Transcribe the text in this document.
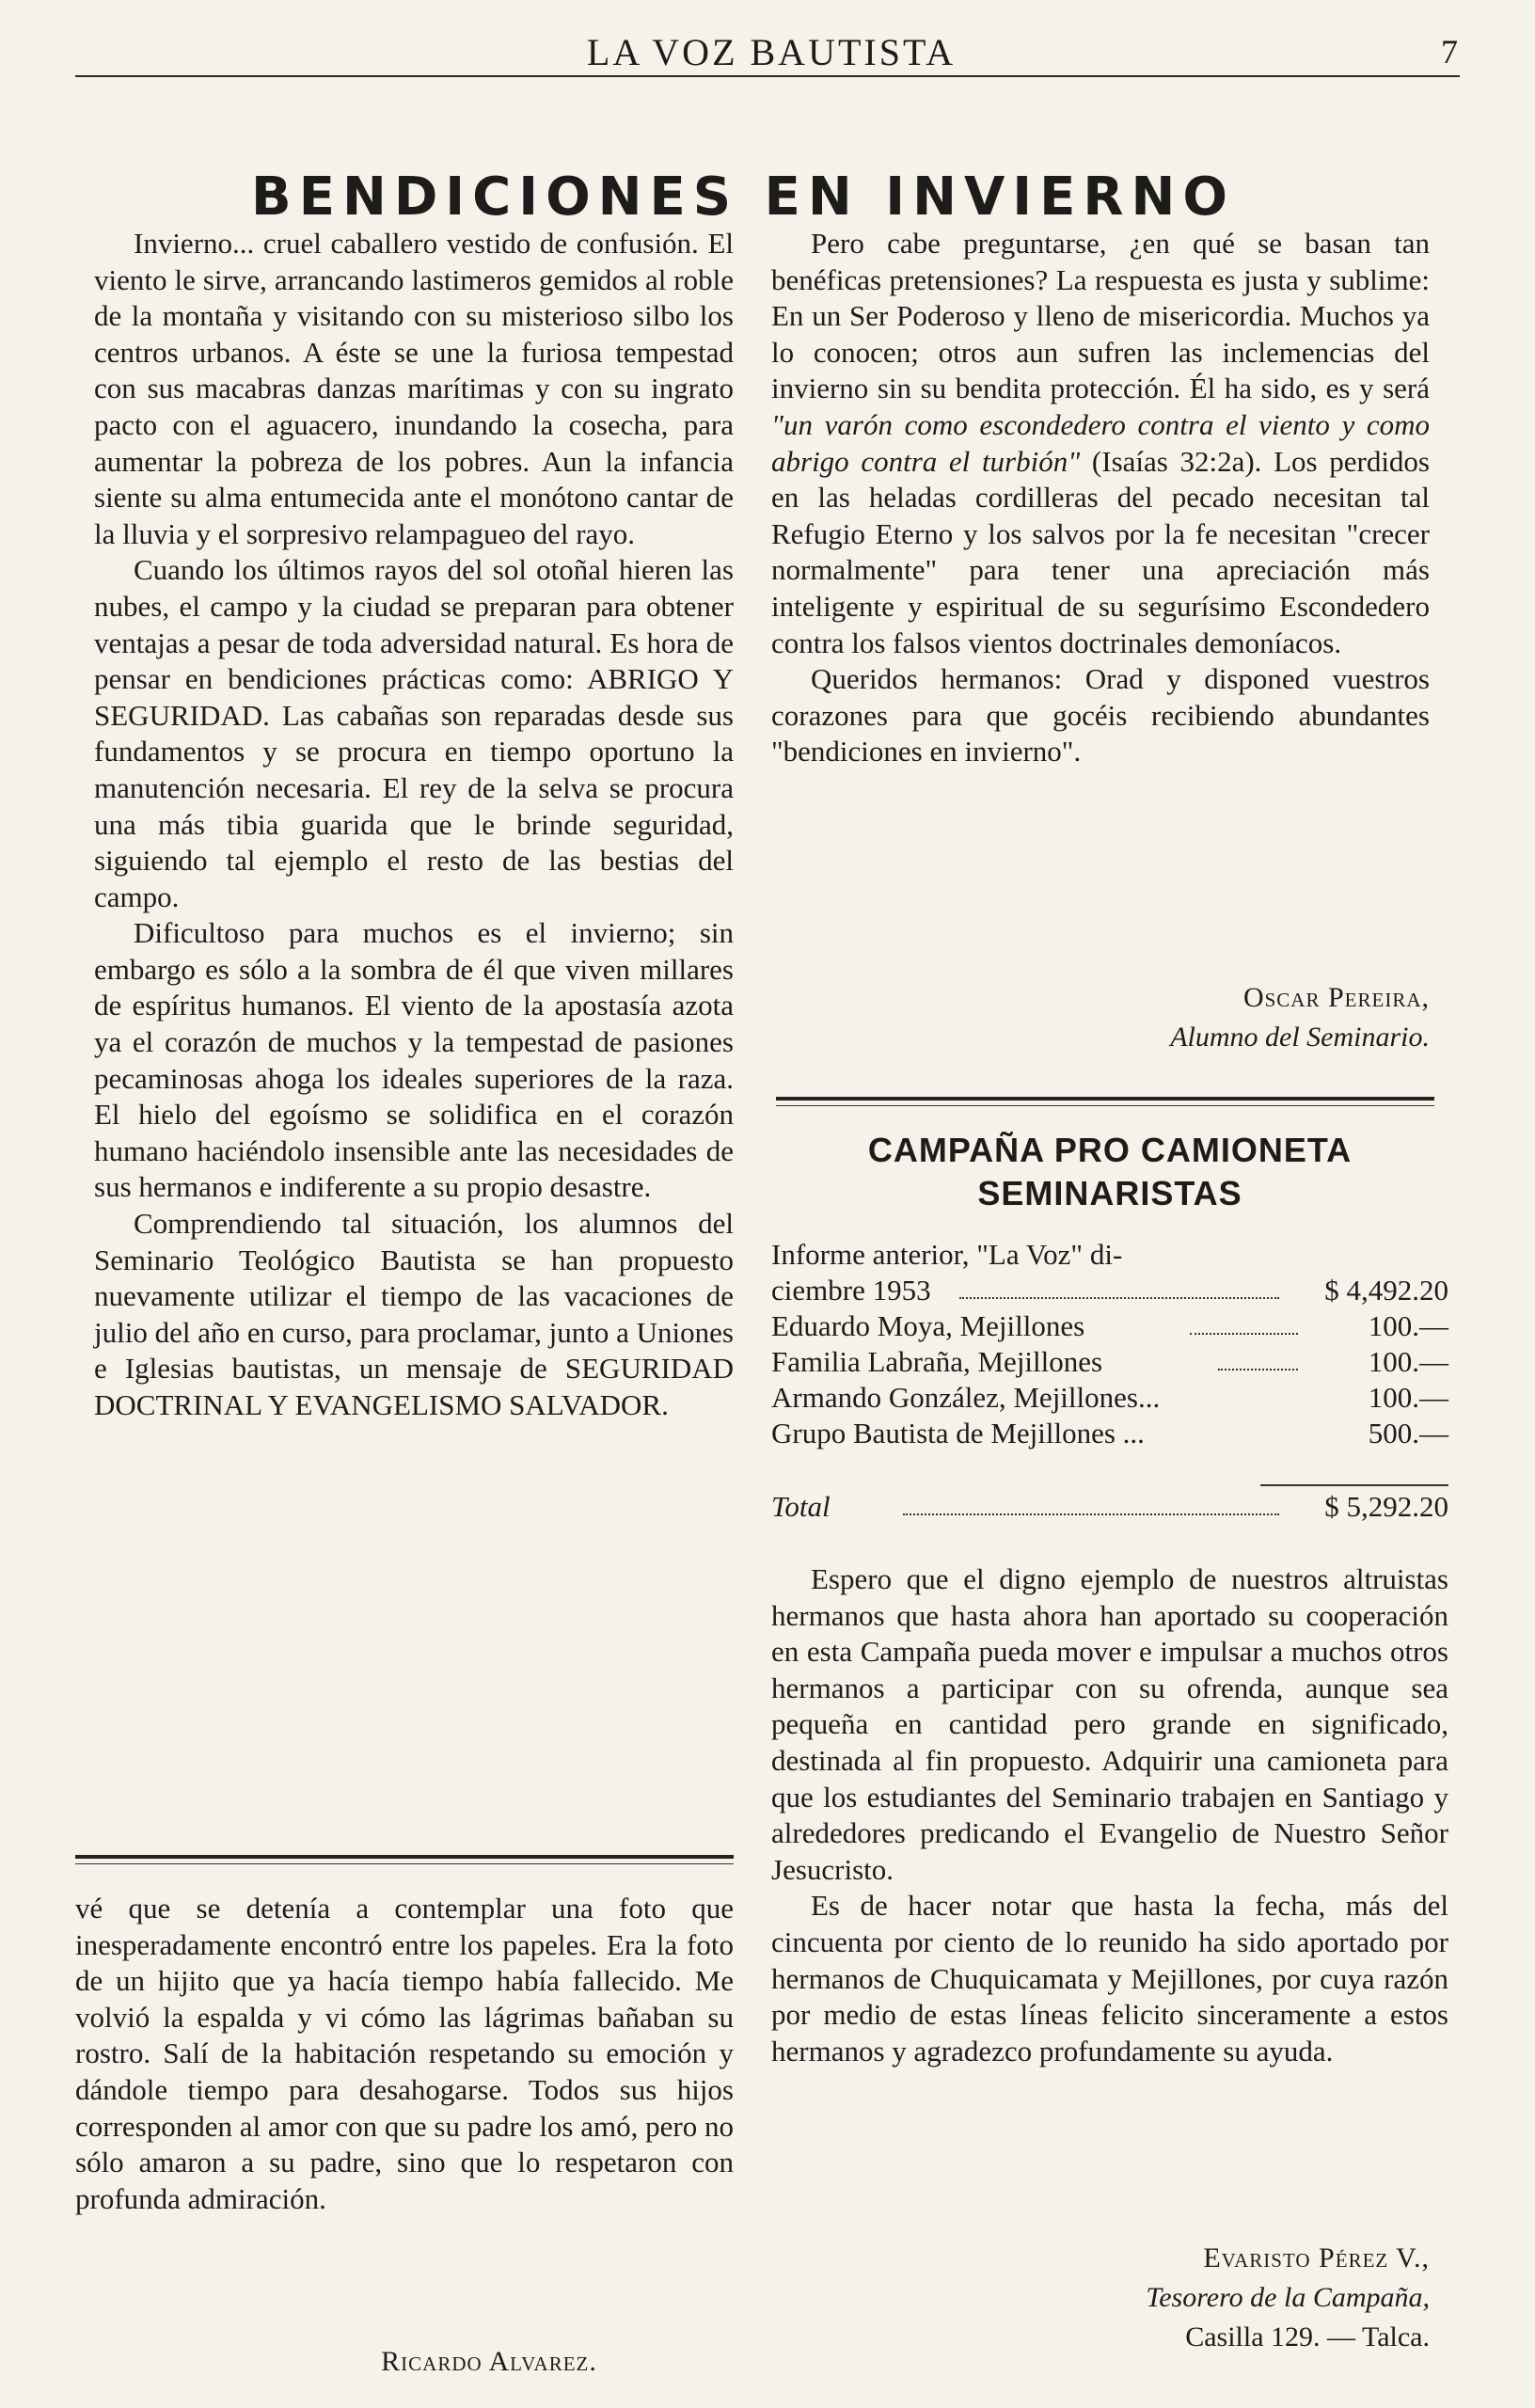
LA VOZ BAUTISTA	7
BENDICIONES EN INVIERNO

Invierno... cruel caballero vestido de confusión. El viento le sirve, arrancando lastimeros gemidos al roble de la montaña y visitando con su misterioso silbo los centros urbanos. A éste se une la furiosa tempestad con sus macabras danzas marítimas y con su ingrato pacto con el aguacero, inundando la cosecha, para aumentar la pobreza de los pobres. Aun la infancia siente su alma entumecida ante el monótono cantar de la lluvia y el sorpresivo relampagueo del rayo.

Cuando los últimos rayos del sol otoñal hieren las nubes, el campo y la ciudad se preparan para obtener ventajas a pesar de toda adversidad natural. Es hora de pensar en bendiciones prácticas como: ABRIGO Y SEGURIDAD. Las cabañas son reparadas desde sus fundamentos y se procura en tiempo oportuno la manutención necesaria. El rey de la selva se procura una más tibia guarida que le brinde seguridad, siguiendo tal ejemplo el resto de las bestias del campo.

Dificultoso para muchos es el invierno; sin embargo es sólo a la sombra de él que viven millares de espíritus humanos. El viento de la apostasía azota ya el corazón de muchos y la tempestad de pasiones pecaminosas ahoga los ideales superiores de la raza. El hielo del egoísmo se solidifica en el corazón humano haciéndolo insensible ante las necesidades de sus hermanos e indiferente a su propio desastre.

Comprendiendo tal situación, los alumnos del Seminario Teológico Bautista se han propuesto nuevamente utilizar el tiempo de las vacaciones de julio del año en curso, para proclamar, junto a Uniones e Iglesias bautistas, un mensaje de SEGURIDAD DOCTRINAL Y EVANGELISMO SALVADOR.

Pero cabe preguntarse, ¿en qué se basan tan benéficas pretensiones? La respuesta es justa y sublime: En un Ser Poderoso y lleno de misericordia. Muchos ya lo conocen; otros aun sufren las inclemencias del invierno sin su bendita protección. Él ha sido, es y será "un varón como escondedero contra el viento y como abrigo contra el turbión" (Isaías 32:2a). Los perdidos en las heladas cordilleras del pecado necesitan tal Refugio Eterno y los salvos por la fe necesitan "crecer normalmente" para tener una apreciación más inteligente y espiritual de su segurísimo Escondedero contra los falsos vientos doctrinales demoníacos.

Queridos hermanos: Orad y disponed vuestros corazones para que gocéis recibiendo abundantes "bendiciones en invierno".

Oscar Pereira,
Alumno del Seminario.
CAMPAÑA PRO CAMIONETA
SEMINARISTAS
Informe anterior, "La Voz" di-
ciembre 1953	$ 4,492.20
Eduardo Moya, Mejillones	100.—
Familia Labraña, Mejillones	100.—
Armando González, Mejillones...	100.—
Grupo Bautista de Mejillones ...	500.—
Total	$ 5,292.20

Espero que el digno ejemplo de nuestros altruistas hermanos que hasta ahora han aportado su cooperación en esta Campaña pueda mover e impulsar a muchos otros hermanos a participar con su ofrenda, aunque sea pequeña en cantidad pero grande en significado, destinada al fin propuesto. Adquirir una camioneta para que los estudiantes del Seminario trabajen en Santiago y alrededores predicando el Evangelio de Nuestro Señor Jesucristo.

Es de hacer notar que hasta la fecha, más del cincuenta por ciento de lo reunido ha sido aportado por hermanos de Chuquicamata y Mejillones, por cuya razón por medio de estas líneas felicito sinceramente a estos hermanos y agradezco profundamente su ayuda.

Evaristo Pérez V.,
Tesorero de la Campaña,
Casilla 129. — Talca.

vé que se detenía a contemplar una foto que inesperadamente encontró entre los papeles. Era la foto de un hijito que ya hacía tiempo había fallecido. Me volvió la espalda y vi cómo las lágrimas bañaban su rostro. Salí de la habitación respetando su emoción y dándole tiempo para desahogarse. Todos sus hijos corresponden al amor con que su padre los amó, pero no sólo amaron a su padre, sino que lo respetaron con profunda admiración.

Ricardo Alvarez.
